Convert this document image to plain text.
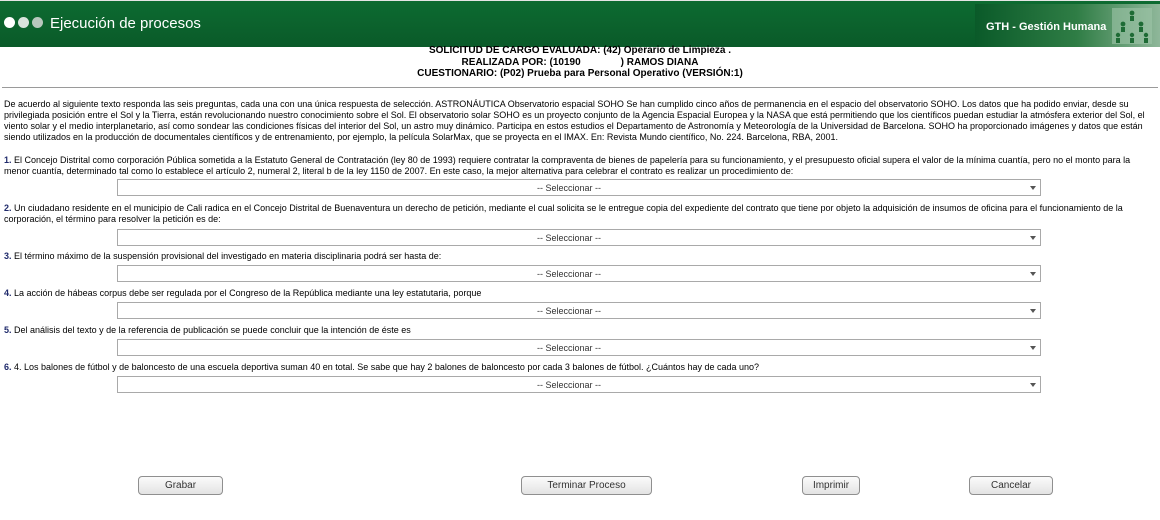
Ejecución de procesos	GTH - Gestión Humana
SOLICITUD DE CARGO EVALUADA: (42) Operario de Limpieza .
REALIZADA POR: (10190	) RAMOS DIANA
CUESTIONARIO: (P02) Prueba para Personal Operativo (VERSIÓN:1)
De acuerdo al siguiente texto responda las seis preguntas, cada una con una única respuesta de selección. ASTRONÁUTICA Observatorio espacial SOHO Se han cumplido cinco años de permanencia en el espacio del observatorio SOHO. Los datos que ha podido enviar, desde su privilegiada posición entre el Sol y la Tierra, están revolucionando nuestro conocimiento sobre el Sol. El observatorio solar SOHO es un proyecto conjunto de la Agencia Espacial Europea y la NASA que está permitiendo que los científicos puedan estudiar la atmósfera exterior del Sol, el viento solar y el medio interplanetario, así como sondear las condiciones físicas del interior del Sol, un astro muy dinámico. Participa en estos estudios el Departamento de Astronomía y Meteorología de la Universidad de Barcelona. SOHO ha proporcionado imágenes y datos que están siendo utilizados en la producción de documentales científicos y de entrenamiento, por ejemplo, la película SolarMax, que se proyecta en el IMAX. En: Revista Mundo científico, No. 224. Barcelona, RBA, 2001.
1. El Concejo Distrital como corporación Pública sometida a la Estatuto General de Contratación (ley 80 de 1993) requiere contratar la compraventa de bienes de papelería para su funcionamiento, y el presupuesto oficial supera el valor de la mínima cuantía, pero no el monto para la menor cuantía, determinado tal como lo establece el artículo 2, numeral 2, literal b de la ley 1150 de 2007. En este caso, la mejor alternativa para celebrar el contrato es realizar un procedimiento de:
-- Seleccionar --
2. Un ciudadano residente en el municipio de Cali radica en el Concejo Distrital de Buenaventura un derecho de petición, mediante el cual solicita se le entregue copia del expediente del contrato que tiene por objeto la adquisición de insumos de oficina para el funcionamiento de la corporación, el término para resolver la petición es de:
-- Seleccionar --
3. El término máximo de la suspensión provisional del investigado en materia disciplinaria podrá ser hasta de:
-- Seleccionar --
4. La acción de hábeas corpus debe ser regulada por el Congreso de la República mediante una ley estatutaria, porque
-- Seleccionar --
5. Del análisis del texto y de la referencia de publicación se puede concluir que la intención de éste es
-- Seleccionar --
6. 4. Los balones de fútbol y de baloncesto de una escuela deportiva suman 40 en total. Se sabe que hay 2 balones de baloncesto por cada 3 balones de fútbol. ¿Cuántos hay de cada uno?
-- Seleccionar --
Grabar	Terminar Proceso	Imprimir	Cancelar
